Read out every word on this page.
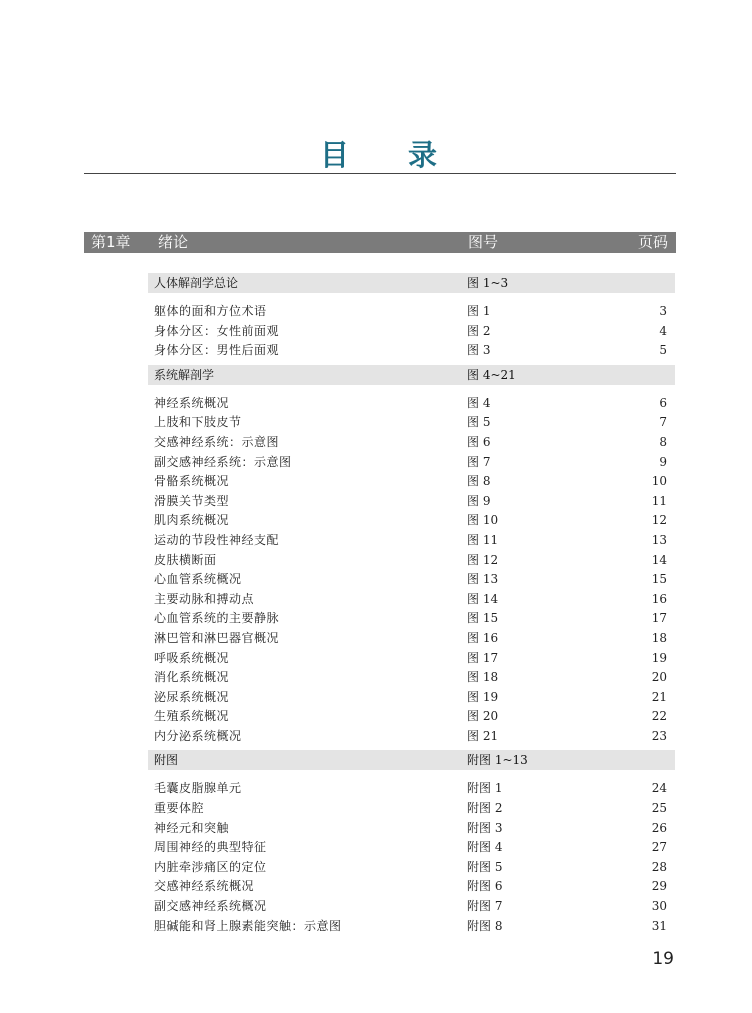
目 录
第1章 绪论	图号	页码
人体解剖学总论	图 1~3
躯体的面和方位术语	图 1	3
身体分区：女性前面观	图 2	4
身体分区：男性后面观	图 3	5
系统解剖学	图 4~21
神经系统概况	图 4	6
上肢和下肢皮节	图 5	7
交感神经系统：示意图	图 6	8
副交感神经系统：示意图	图 7	9
骨骼系统概况	图 8	10
滑膜关节类型	图 9	11
肌肉系统概况	图 10	12
运动的节段性神经支配	图 11	13
皮肤横断面	图 12	14
心血管系统概况	图 13	15
主要动脉和搏动点	图 14	16
心血管系统的主要静脉	图 15	17
淋巴管和淋巴器官概况	图 16	18
呼吸系统概况	图 17	19
消化系统概况	图 18	20
泌尿系统概况	图 19	21
生殖系统概况	图 20	22
内分泌系统概况	图 21	23
附图	附图 1~13
毛囊皮脂腺单元	附图 1	24
重要体腔	附图 2	25
神经元和突触	附图 3	26
周围神经的典型特征	附图 4	27
内脏牵涉痛区的定位	附图 5	28
交感神经系统概况	附图 6	29
副交感神经系统概况	附图 7	30
胆碱能和肾上腺素能突触：示意图	附图 8	31
19
